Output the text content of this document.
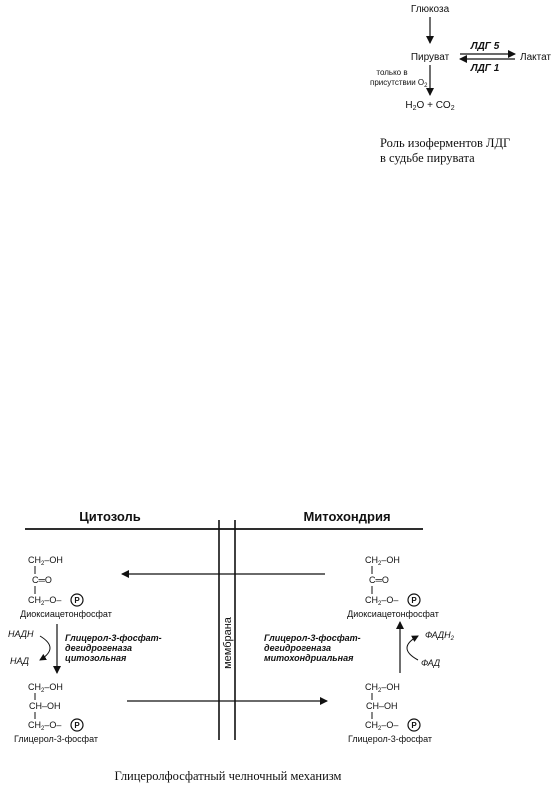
Глюкоза
Пируват
ЛДГ 5
ЛДГ 1
Лактат
только в
присутствии $O_2$
$H_2O + CO_2$
Роль изоферментов ЛДГ
в судьбе пирувата
Цитозоль	Митохондрия
мембрана
$CH_2-OH$
C═O
$CH_2-O-$ P
Диоксиацетонфосфат
$CH_2-OH$
C═O
$CH_2-O-$ P
Диоксиацетонфосфат
НАДН
НАД
Глицерол-3-фосфат-
дегидрогеназа
цитозольная
$ФАДН_2$
ФАД
Глицерол-3-фосфат-
дегидрогеназа
митохондриальная
$CH_2-OH$
CH–OH
$CH_2-O-$ P
Глицерол-3-фосфат
$CH_2-OH$
CH–OH
$CH_2-O-$ P
Глицерол-3-фосфат
Глицеролфосфатный челночный механизм
